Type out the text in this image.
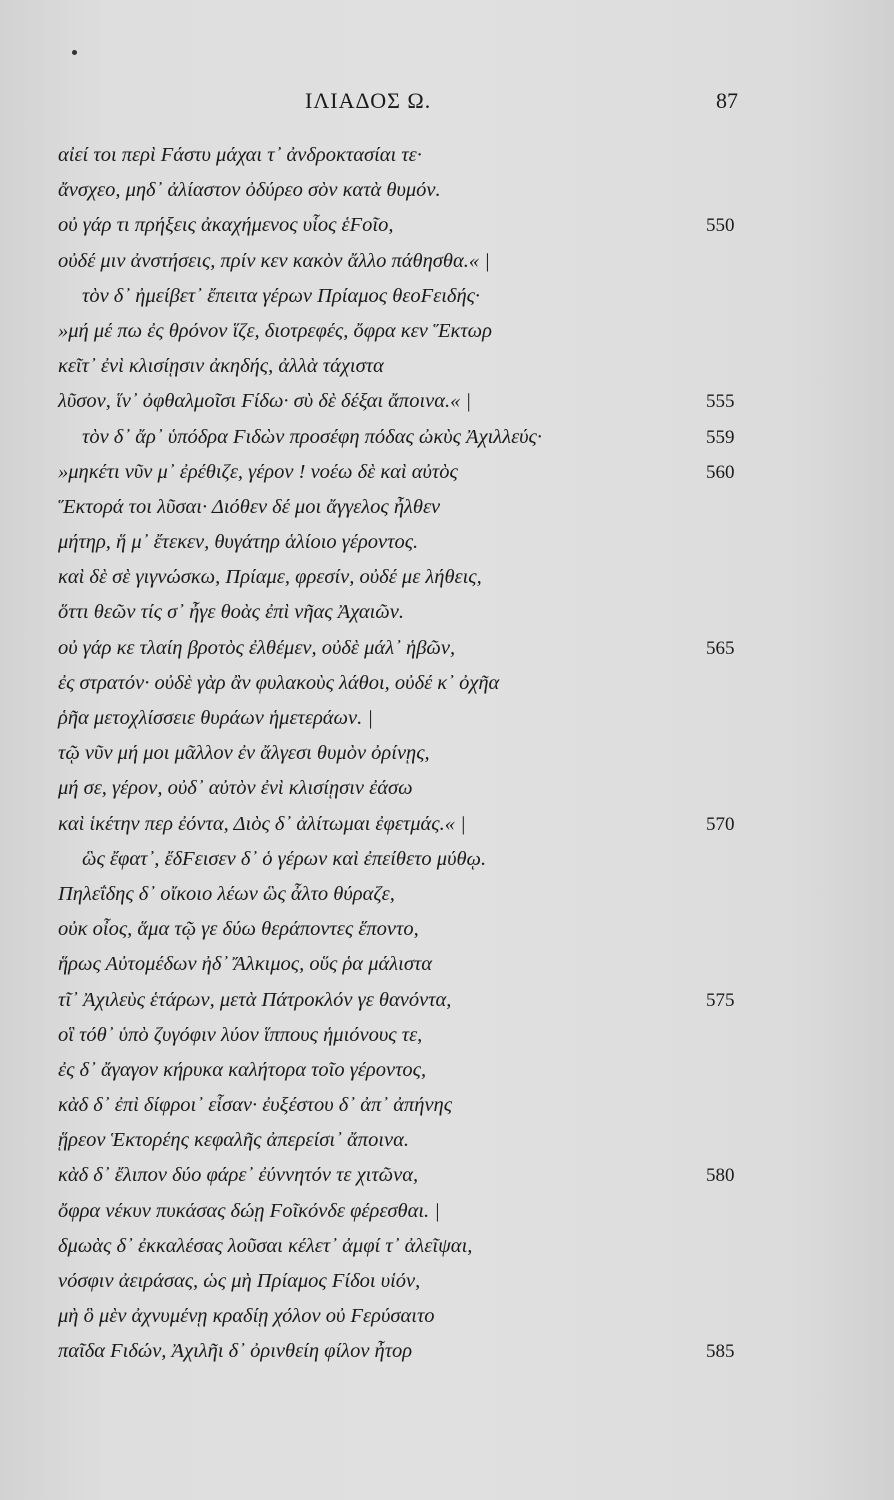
ΙΛΙΑΔΟΣ Ω.	87
αἰεί τοι περὶ Ϝάστυ μάχαι τ᾽ ἀνδροκτασίαι τε·
ἄνσχεο, μηδ᾽ ἀλίαστον ὀδύρεο σὸν κατὰ θυμόν.
οὐ γάρ τι πρήξεις ἀκαχήμενος υἷος ἑϜοῖο,	550
οὐδέ μιν ἀνστήσεις, πρίν κεν κακὸν ἄλλο πάθησθα.« |
τὸν δ᾽ ἠμείβετ᾽ ἔπειτα γέρων Πρίαμος θεοϜειδής·
»μή μέ πω ἐς θρόνον ἵζε, διοτρεφές, ὄφρα κεν Ἕκτωρ
κεῖτ᾽ ἐνὶ κλισίῃσιν ἀκηδής, ἀλλὰ τάχιστα
λῦσον, ἵν᾽ ὀφθαλμοῖσι Ϝίδω· σὺ δὲ δέξαι ἄποινα.« |	555
τὸν δ᾽ ἄρ᾽ ὑπόδρα Ϝιδὼν προσέφη πόδας ὠκὺς Ἀχιλλεύς·	559
»μηκέτι νῦν μ᾽ ἐρέθιζε, γέρον ! νοέω δὲ καὶ αὐτὸς	560
Ἕκτορά τοι λῦσαι· Διόθεν δέ μοι ἄγγελος ἦλθεν
μήτηρ, ἥ μ᾽ ἔτεκεν, θυγάτηρ ἁλίοιο γέροντος.
καὶ δὲ σὲ γιγνώσκω, Πρίαμε, φρεσίν, οὐδέ με λήθεις,
ὅττι θεῶν τίς σ᾽ ἦγε θοὰς ἐπὶ νῆας Ἀχαιῶν.
οὐ γάρ κε τλαίη βροτὸς ἐλθέμεν, οὐδὲ μάλ᾽ ἡβῶν,	565
ἐς στρατόν· οὐδὲ γὰρ ἂν φυλακοὺς λάθοι, οὐδέ κ᾽ ὀχῆα
ῥῆα μετοχλίσσειε θυράων ἡμετεράων. |
τῷ νῦν μή μοι μᾶλλον ἐν ἄλγεσι θυμὸν ὀρίνῃς,
μή σε, γέρον, οὐδ᾽ αὐτὸν ἐνὶ κλισίῃσιν ἐάσω
καὶ ἱκέτην περ ἐόντα, Διὸς δ᾽ ἀλίτωμαι ἐφετμάς.« |	570
ὣς ἔφατ᾽, ἔδϜεισεν δ᾽ ὁ γέρων καὶ ἐπείθετο μύθῳ.
Πηλεΐδης δ᾽ οἴκοιο λέων ὣς ἆλτο θύραζε,
οὐκ οἶος, ἅμα τῷ γε δύω θεράποντες ἕποντο,
ἥρως Αὐτομέδων ἠδ᾽ Ἄλκιμος, οὕς ῥα μάλιστα
τῖ᾽ Ἀχιλεὺς ἑτάρων, μετὰ Πάτροκλόν γε θανόντα,	575
οἳ τόθ᾽ ὑπὸ ζυγόφιν λύον ἵππους ἡμιόνους τε,
ἐς δ᾽ ἄγαγον κήρυκα καλήτορα τοῖο γέροντος,
κὰδ δ᾽ ἐπὶ δίφροι᾽ εἷσαν· ἐυξέστου δ᾽ ἀπ᾽ ἀπήνης
ᾕρεον Ἑκτορέης κεφαλῆς ἀπερείσι᾽ ἄποινα.
κὰδ δ᾽ ἔλιπον δύο φάρε᾽ ἐύννητόν τε χιτῶνα,	580
ὄφρα νέκυν πυκάσας δώῃ Ϝοῖκόνδε φέρεσθαι. |
δμωὰς δ᾽ ἐκκαλέσας λοῦσαι κέλετ᾽ ἀμφί τ᾽ ἀλεῖψαι,
νόσφιν ἀειράσας, ὡς μὴ Πρίαμος Ϝίδοι υἱόν,
μὴ ὃ μὲν ἀχνυμένῃ κραδίῃ χόλον οὐ Ϝερύσαιτο
παῖδα Ϝιδών, Ἀχιλῆι δ᾽ ὀρινθείη φίλον ἦτορ	585
